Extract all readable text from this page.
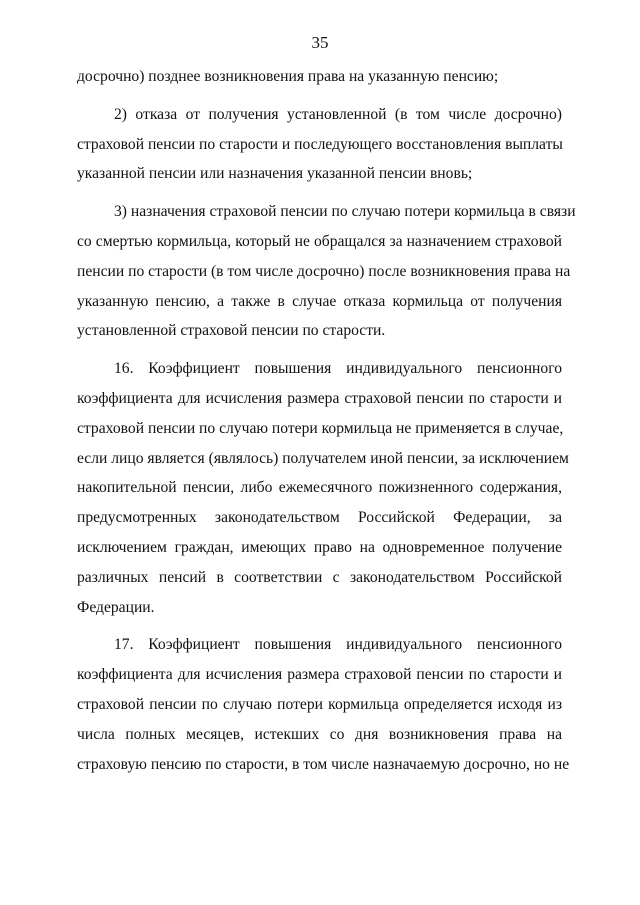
35
досрочно) позднее возникновения права на указанную пенсию;
2) отказа от получения установленной (в том числе досрочно)
страховой пенсии по старости и последующего восстановления выплаты
указанной пенсии или назначения указанной пенсии вновь;
3) назначения страховой пенсии по случаю потери кормильца в связи
со смертью кормильца, который не обращался за назначением страховой
пенсии по старости (в том числе досрочно) после возникновения права на
указанную пенсию, а также в случае отказа кормильца от получения
установленной страховой пенсии по старости.
16. Коэффициент повышения индивидуального пенсионного
коэффициента для исчисления размера страховой пенсии по старости и
страховой пенсии по случаю потери кормильца не применяется в случае,
если лицо является (являлось) получателем иной пенсии, за исключением
накопительной пенсии, либо ежемесячного пожизненного содержания,
предусмотренных законодательством Российской Федерации, за
исключением граждан, имеющих право на одновременное получение
различных пенсий в соответствии с законодательством Российской
Федерации.
17. Коэффициент повышения индивидуального пенсионного
коэффициента для исчисления размера страховой пенсии по старости и
страховой пенсии по случаю потери кормильца определяется исходя из
числа полных месяцев, истекших со дня возникновения права на
страховую пенсию по старости, в том числе назначаемую досрочно, но не
